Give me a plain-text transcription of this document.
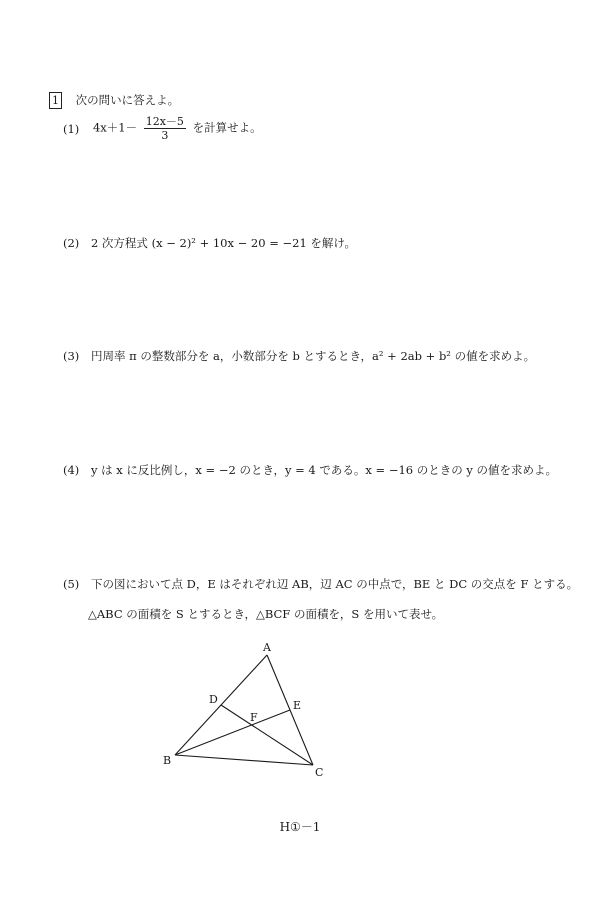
1 次の問いに答えよ。
(1) $4x+1- \frac{12x-5}{3}$ を計算せよ。
(2) 2 次方程式 (x − 2)² + 10x − 20 = −21 を解け。
(3) 円周率 π の整数部分を a，小数部分を b とするとき，a² + 2ab + b² の値を求めよ。
(4) y は x に反比例し，x = −2 のとき，y = 4 である。x = −16 のときの y の値を求めよ。
(5) 下の図において点 D，E はそれぞれ辺 AB，辺 AC の中点で，BE と DC の交点を F とする。
△ABC の面積を S とするとき，△BCF の面積を，S を用いて表せ。
A
B
C
D	E
F
H①－1
